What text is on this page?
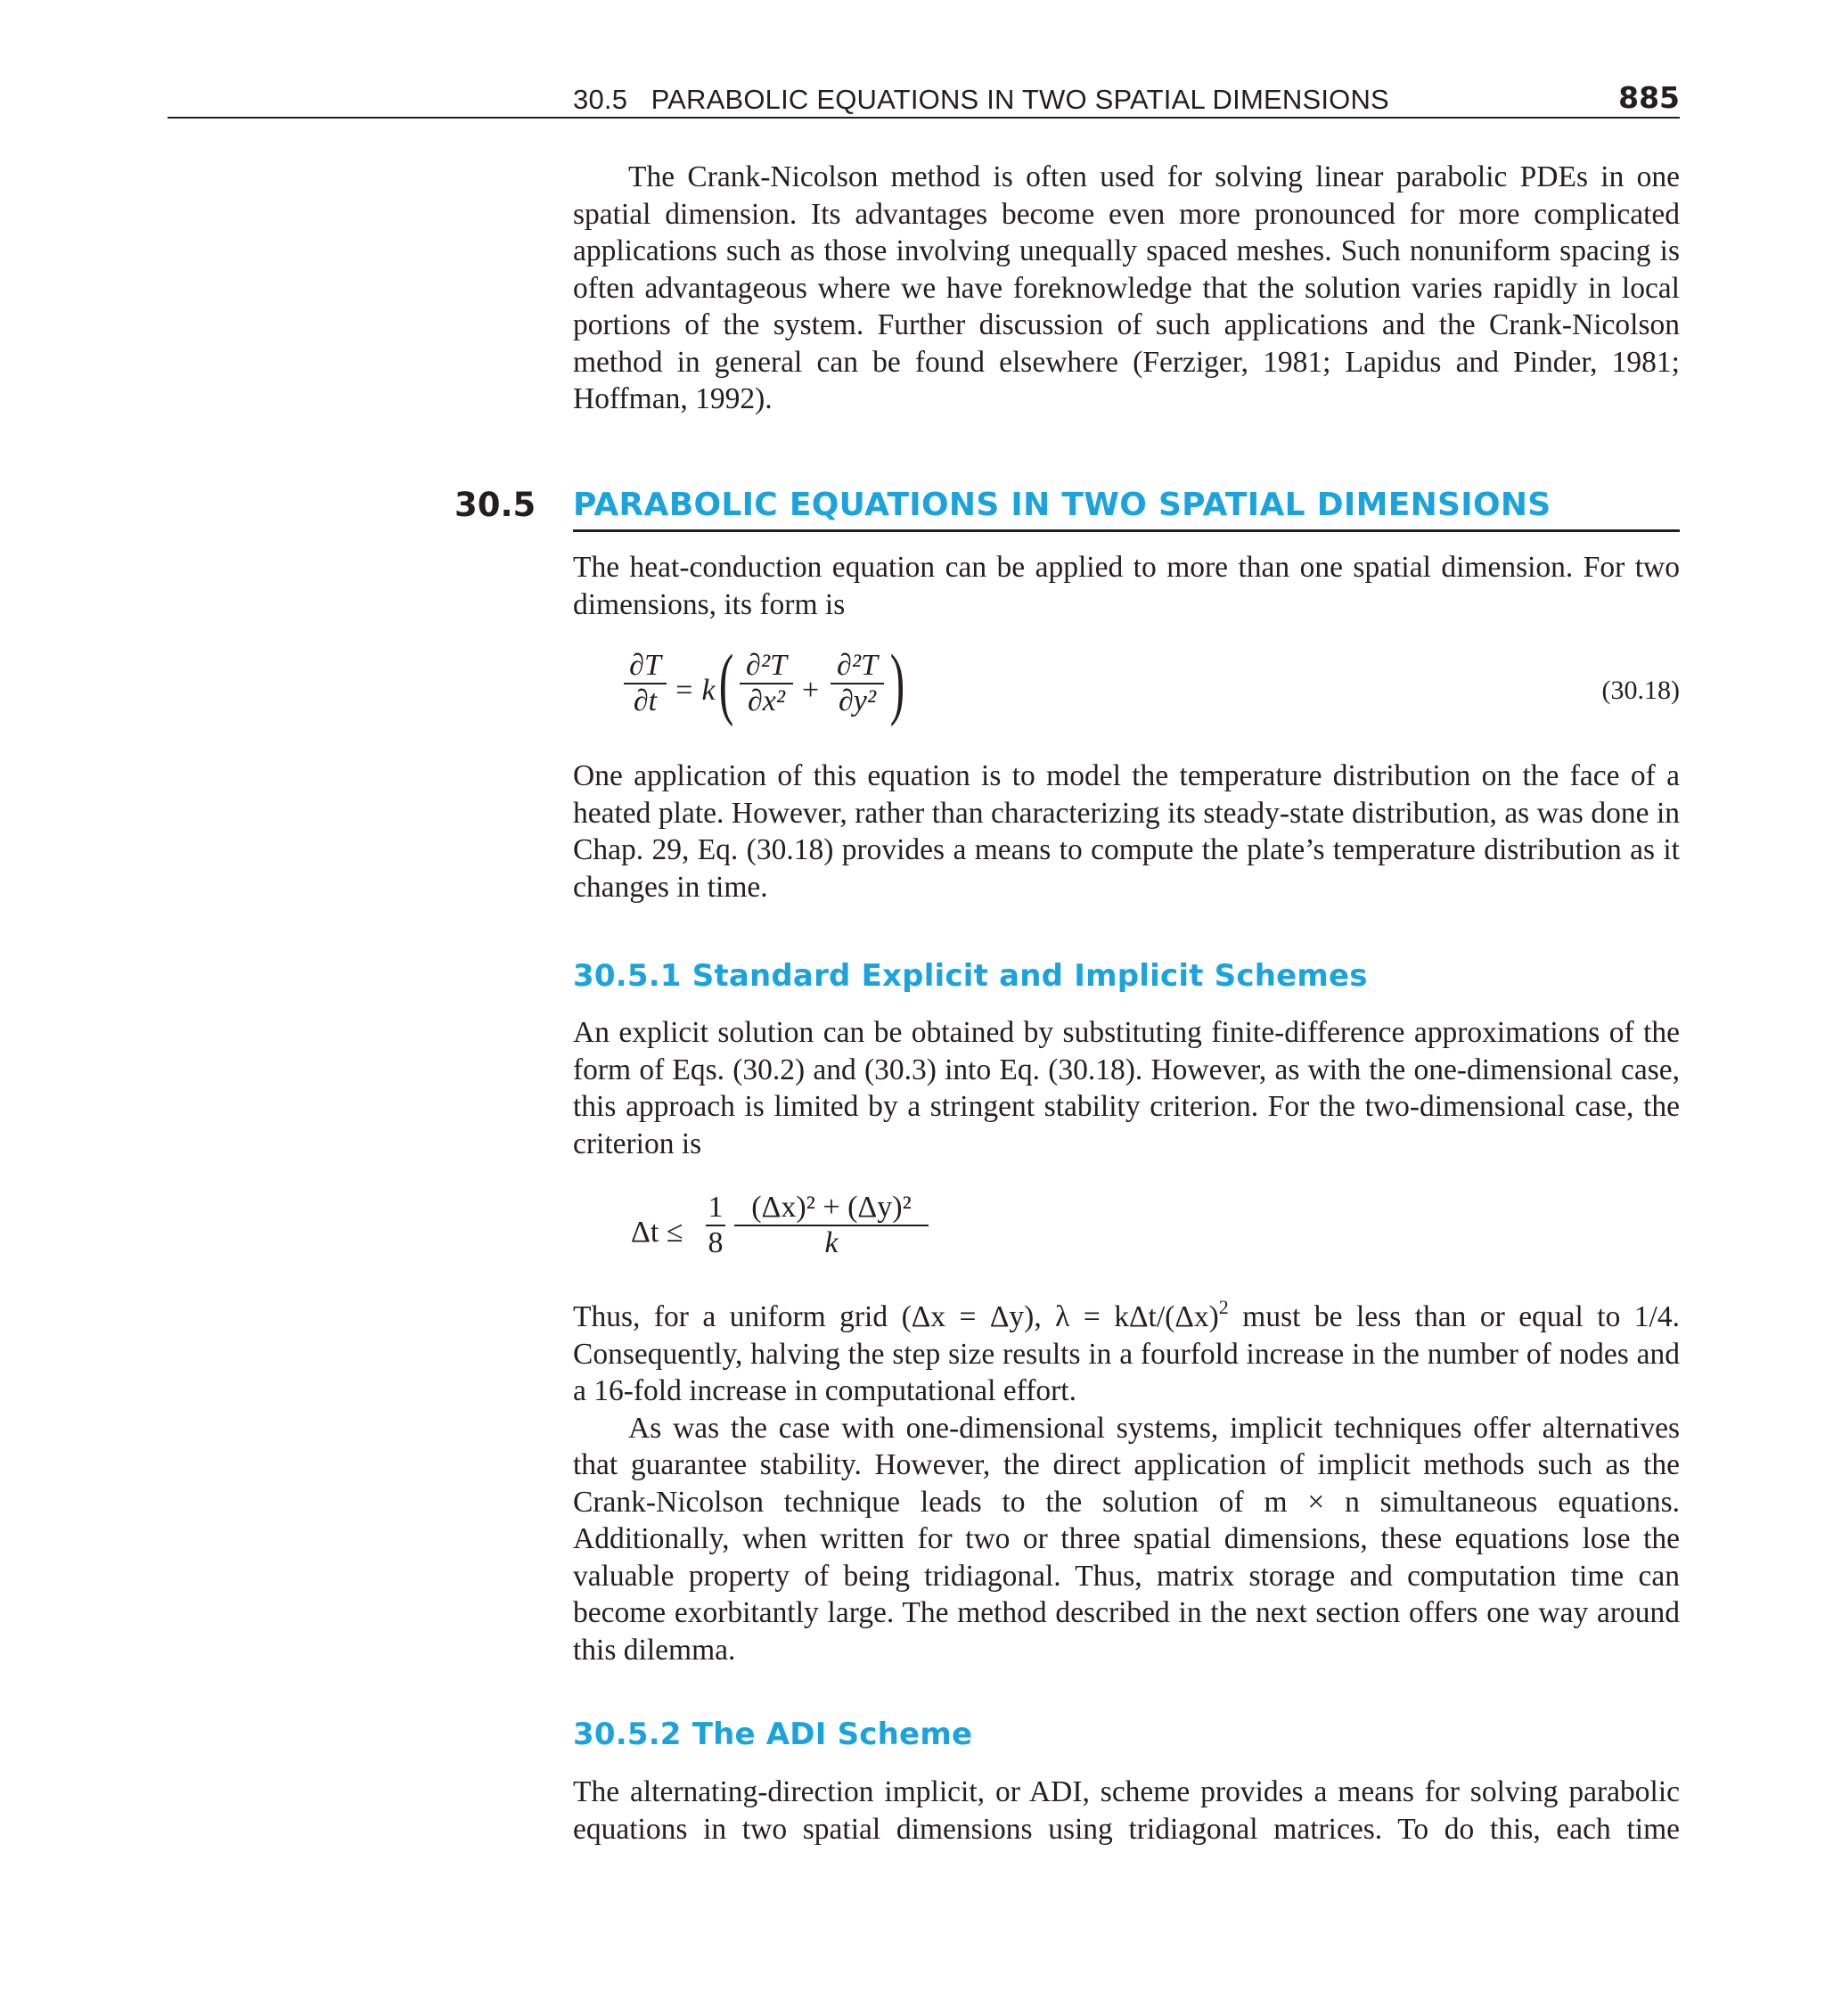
30.5   PARABOLIC EQUATIONS IN TWO SPATIAL DIMENSIONS	885

The Crank-Nicolson method is often used for solving linear parabolic PDEs in one spatial dimension. Its advantages become even more pronounced for more complicated applications such as those involving unequally spaced meshes. Such nonuniform spacing is often advantageous where we have foreknowledge that the solution varies rapidly in local portions of the system. Further discussion of such applications and the Crank-Nicolson method in general can be found elsewhere (Ferziger, 1981; Lapidus and Pinder, 1981; Hoffman, 1992).

30.5 PARABOLIC EQUATIONS IN TWO SPATIAL DIMENSIONS

The heat-conduction equation can be applied to more than one spatial dimension. For two dimensions, its form is

∂T
∂t = k ( ∂²T
∂x² +
∂²T
∂y² )	(30.18)

One application of this equation is to model the temperature distribution on the face of a heated plate. However, rather than characterizing its steady-state distribution, as was done in Chap. 29, Eq. (30.18) provides a means to compute the plate’s temperature distribution as it changes in time.

30.5.1 Standard Explicit and Implicit Schemes

An explicit solution can be obtained by substituting finite-difference approximations of the form of Eqs. (30.2) and (30.3) into Eq. (30.18). However, as with the one-dimensional case, this approach is limited by a stringent stability criterion. For the two-dimensional case, the criterion is

Δt ≤
1
8
(Δx)² + (Δy)²
k

Thus, for a uniform grid (Δx = Δy), λ = kΔt/$(\Delta x)^2$ must be less than or equal to 1/4. Consequently, halving the step size results in a fourfold increase in the number of nodes and a 16-fold increase in computational effort.

As was the case with one-dimensional systems, implicit techniques offer alternatives that guarantee stability. However, the direct application of implicit methods such as the Crank-Nicolson technique leads to the solution of m × n simultaneous equations. Additionally, when written for two or three spatial dimensions, these equations lose the valuable property of being tridiagonal. Thus, matrix storage and computation time can become exorbitantly large. The method described in the next section offers one way around this dilemma.

30.5.2 The ADI Scheme

The alternating-direction implicit, or ADI, scheme provides a means for solving parabolic equations in two spatial dimensions using tridiagonal matrices. To do this, each time
